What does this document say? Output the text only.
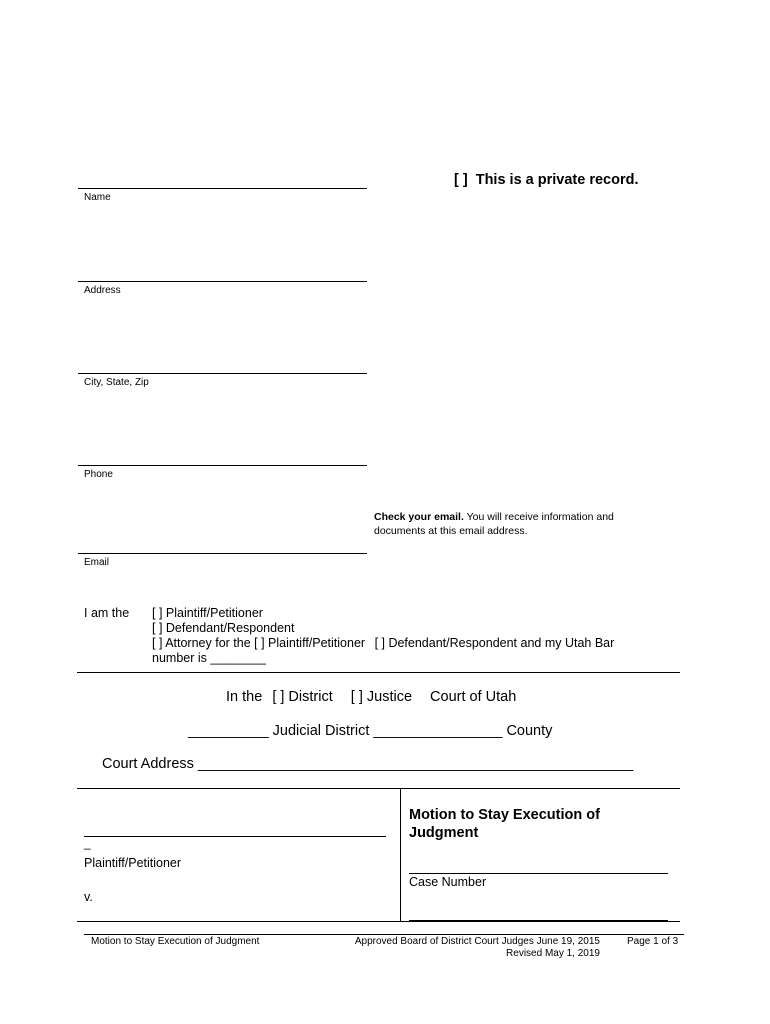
[ ] This is a private record.
Name
Address
City, State, Zip
Phone
Email
Check your email. You will receive information and
documents at this email address.
I am the [ ] Plaintiff/Petitioner
[ ] Defendant/Respondent
[ ] Attorney for the [ ] Plaintiff/Petitioner [ ] Defendant/Respondent and my Utah Bar
number is ________
In the [ ] District [ ] Justice Court of Utah
__________ Judicial District ________________ County
Court Address ______________________________________________________
_
Plaintiff/Petitioner
v.
Motion to Stay Execution of
Judgment
Case Number
Motion to Stay Execution of Judgment	Approved Board of District Court Judges June 19, 2015
Revised May 1, 2019
Page 1 of 3
